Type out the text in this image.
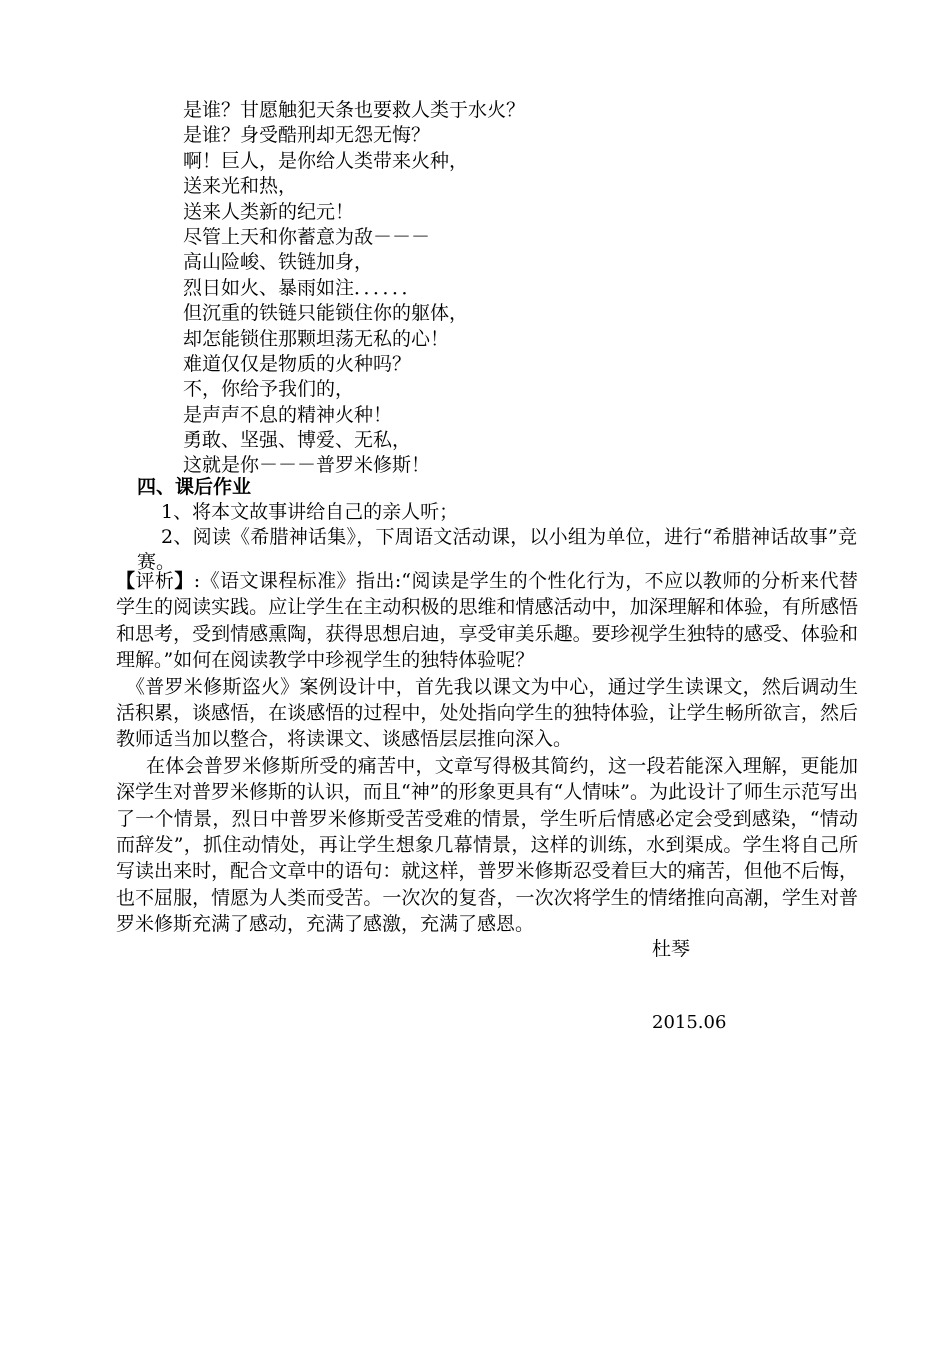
是谁？甘愿触犯天条也要救人类于水火？
是谁？身受酷刑却无怨无悔？
啊！巨人，是你给人类带来火种，
送来光和热，
送来人类新的纪元！
尽管上天和你蓄意为敌－－－
高山险峻、铁链加身，
烈日如火、暴雨如注．．．．．．
但沉重的铁链只能锁住你的躯体，
却怎能锁住那颗坦荡无私的心！
难道仅仅是物质的火种吗？
不，你给予我们的，
是声声不息的精神火种！
勇敢、坚强、博爱、无私，
这就是你－－－普罗米修斯！
四、课后作业

1、将本文故事讲给自己的亲人听；

2、阅读《希腊神话集》，下周语文活动课，以小组为单位，进行“希腊神话故事”竞赛。

【评析】:《语文课程标准》指出:“阅读是学生的个性化行为，不应以教师的分析来代替学生的阅读实践。应让学生在主动积极的思维和情感活动中，加深理解和体验，有所感悟和思考，受到情感熏陶，获得思想启迪，享受审美乐趣。要珍视学生独特的感受、体验和理解。”如何在阅读教学中珍视学生的独特体验呢？

《普罗米修斯盗火》案例设计中，首先我以课文为中心，通过学生读课文，然后调动生活积累，谈感悟，在谈感悟的过程中，处处指向学生的独特体验，让学生畅所欲言，然后教师适当加以整合，将读课文、谈感悟层层推向深入。

在体会普罗米修斯所受的痛苦中，文章写得极其简约，这一段若能深入理解，更能加深学生对普罗米修斯的认识，而且“神”的形象更具有“人情味”。为此设计了师生示范写出了一个情景，烈日中普罗米修斯受苦受难的情景，学生听后情感必定会受到感染，“情动而辞发”，抓住动情处，再让学生想象几幕情景，这样的训练，水到渠成。学生将自己所写读出来时，配合文章中的语句：就这样，普罗米修斯忍受着巨大的痛苦，但他不后悔，也不屈服，情愿为人类而受苦。一次次的复沓，一次次将学生的情绪推向高潮，学生对普罗米修斯充满了感动，充满了感激，充满了感恩。

杜琴
2015.06
